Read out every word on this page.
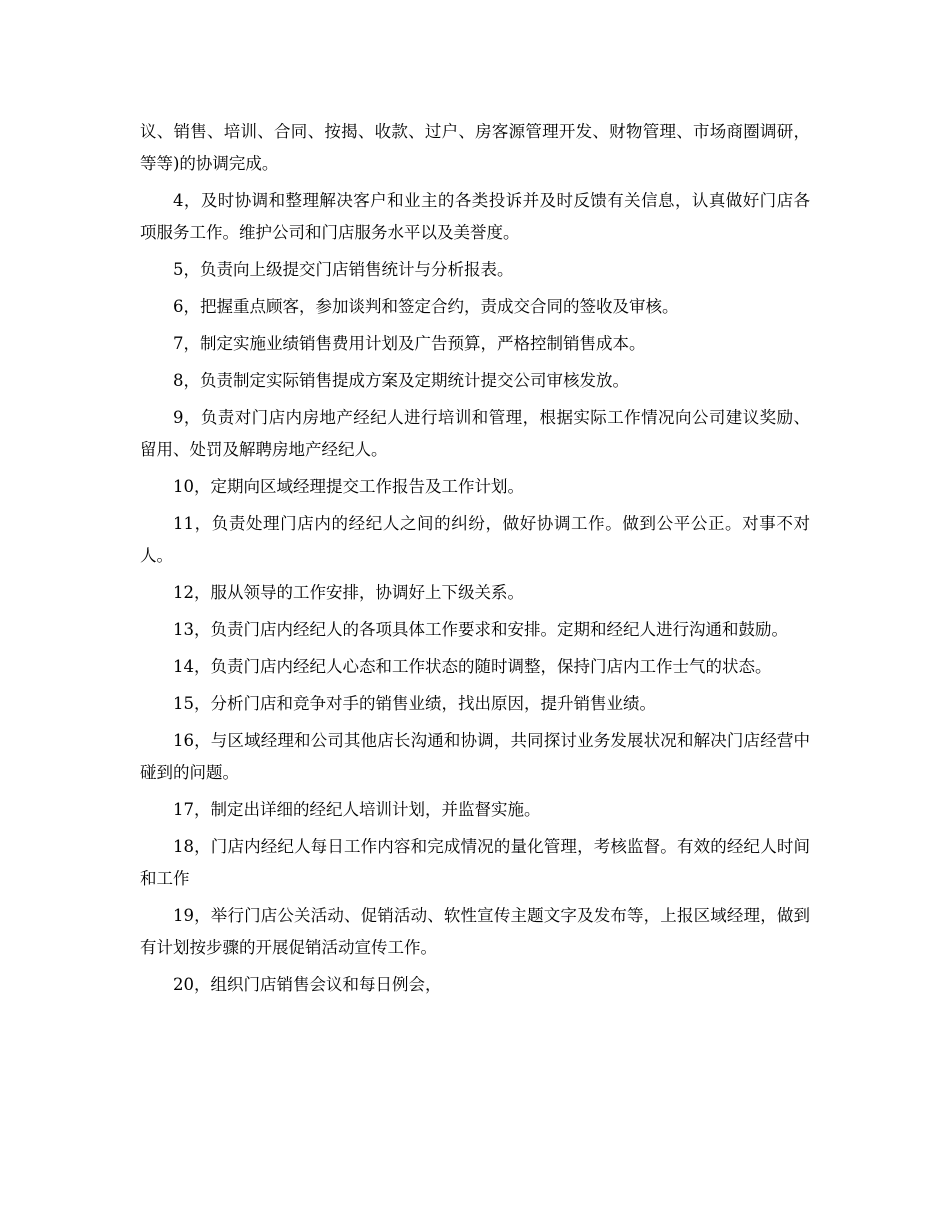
议、销售、培训、合同、按揭、收款、过户、房客源管理开发、财物管理、市场商圈调研，等等)的协调完成。

4，及时协调和整理解决客户和业主的各类投诉并及时反馈有关信息，认真做好门店各项服务工作。维护公司和门店服务水平以及美誉度。

5，负责向上级提交门店销售统计与分析报表。

6，把握重点顾客，参加谈判和签定合约，责成交合同的签收及审核。

7，制定实施业绩销售费用计划及广告预算，严格控制销售成本。

8，负责制定实际销售提成方案及定期统计提交公司审核发放。

9，负责对门店内房地产经纪人进行培训和管理，根据实际工作情况向公司建议奖励、留用、处罚及解聘房地产经纪人。

10，定期向区域经理提交工作报告及工作计划。

11，负责处理门店内的经纪人之间的纠纷，做好协调工作。做到公平公正。对事不对人。

12，服从领导的工作安排，协调好上下级关系。

13，负责门店内经纪人的各项具体工作要求和安排。定期和经纪人进行沟通和鼓励。

14，负责门店内经纪人心态和工作状态的随时调整，保持门店内工作士气的状态。

15，分析门店和竞争对手的销售业绩，找出原因，提升销售业绩。

16，与区域经理和公司其他店长沟通和协调，共同探讨业务发展状况和解决门店经营中碰到的问题。

17，制定出详细的经纪人培训计划，并监督实施。

18，门店内经纪人每日工作内容和完成情况的量化管理，考核监督。有效的经纪人时间和工作

19，举行门店公关活动、促销活动、软性宣传主题文字及发布等，上报区域经理，做到有计划按步骤的开展促销活动宣传工作。

20，组织门店销售会议和每日例会，
